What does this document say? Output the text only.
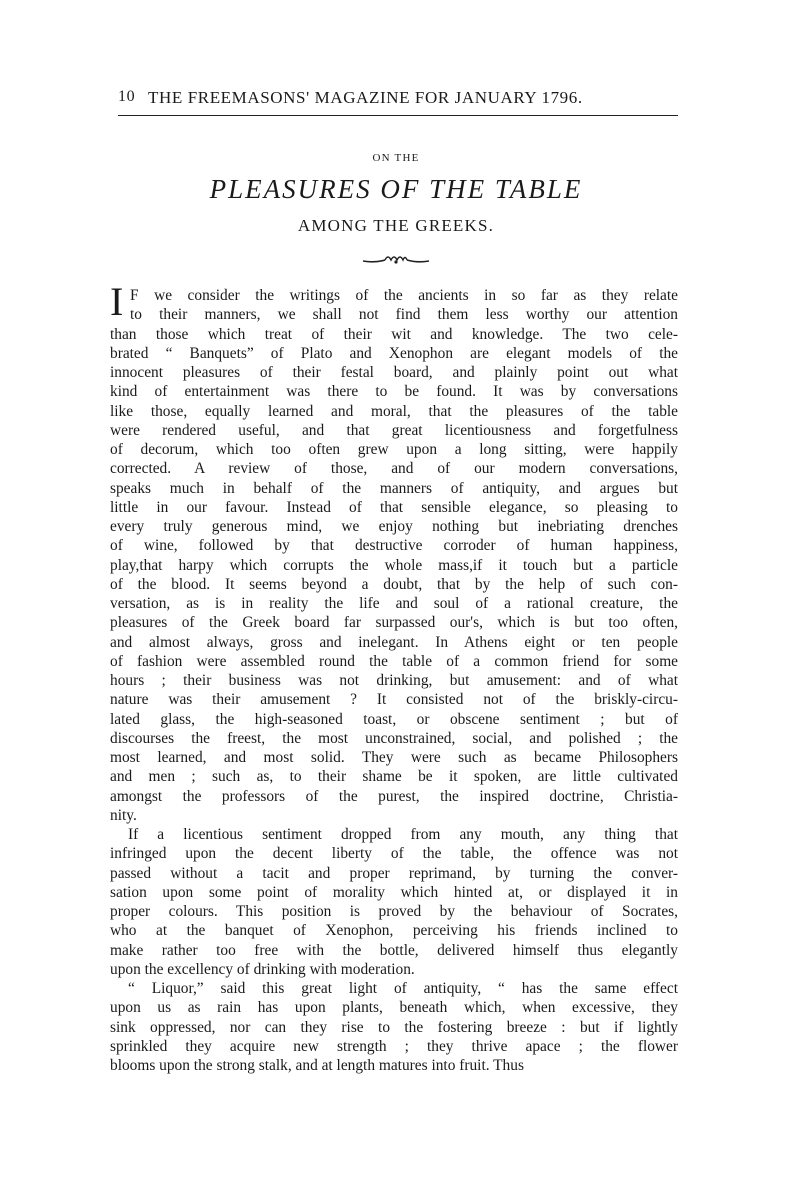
10 THE FREEMASONS' MAGAZINE FOR JANUARY 1796.
ON THE
PLEASURES OF THE TABLE
AMONG THE GREEKS.
I F we consider the writings of the ancients in so far as they relate
to their manners, we shall not find them less worthy our attention
than those which treat of their wit and knowledge. The two cele-
brated “ Banquets” of Plato and Xenophon are elegant models of the
innocent pleasures of their festal board, and plainly point out what
kind of entertainment was there to be found. It was by conversations
like those, equally learned and moral, that the pleasures of the table
were rendered useful, and that great licentiousness and forgetfulness
of decorum, which too often grew upon a long sitting, were happily
corrected. A review of those, and of our modern conversations,
speaks much in behalf of the manners of antiquity, and argues but
little in our favour. Instead of that sensible elegance, so pleasing to
every truly generous mind, we enjoy nothing but inebriating drenches
of wine, followed by that destructive corroder of human happiness,
play,that harpy which corrupts the whole mass,if it touch but a particle
of the blood. It seems beyond a doubt, that by the help of such con-
versation, as is in reality the life and soul of a rational creature, the
pleasures of the Greek board far surpassed our's, which is but too often,
and almost always, gross and inelegant. In Athens eight or ten people
of fashion were assembled round the table of a common friend for some
hours ; their business was not drinking, but amusement: and of what
nature was their amusement ? It consisted not of the briskly-circu-
lated glass, the high-seasoned toast, or obscene sentiment ; but of
discourses the freest, the most unconstrained, social, and polished ; the
most learned, and most solid. They were such as became Philosophers
and men ; such as, to their shame be it spoken, are little cultivated
amongst the professors of the purest, the inspired doctrine, Christia-
nity.
If a licentious sentiment dropped from any mouth, any thing that
infringed upon the decent liberty of the table, the offence was not
passed without a tacit and proper reprimand, by turning the conver-
sation upon some point of morality which hinted at, or displayed it in
proper colours. This position is proved by the behaviour of Socrates,
who at the banquet of Xenophon, perceiving his friends inclined to
make rather too free with the bottle, delivered himself thus elegantly
upon the excellency of drinking with moderation.
“ Liquor,” said this great light of antiquity, “ has the same effect
upon us as rain has upon plants, beneath which, when excessive, they
sink oppressed, nor can they rise to the fostering breeze : but if lightly
sprinkled they acquire new strength ; they thrive apace ; the flower
blooms upon the strong stalk, and at length matures into fruit. Thus
